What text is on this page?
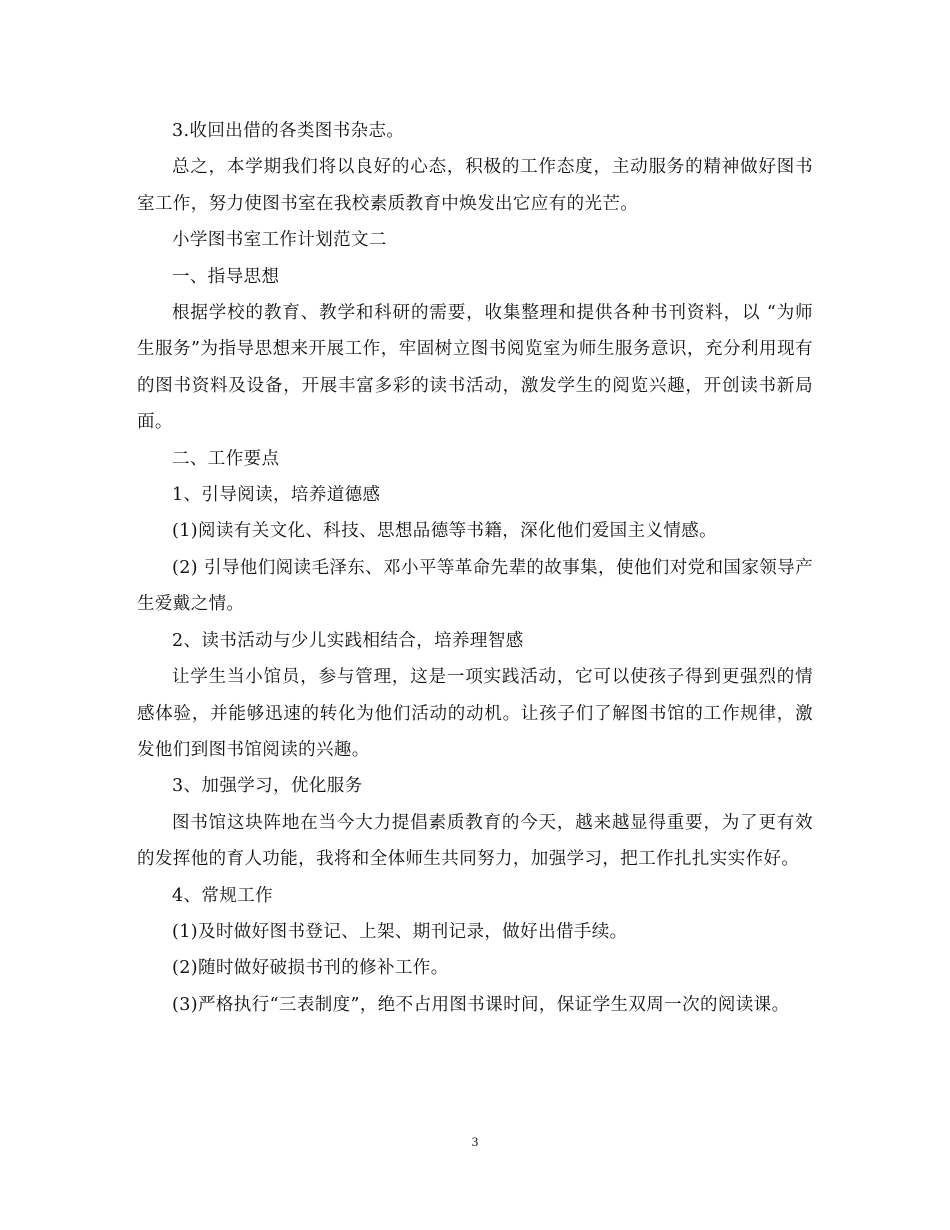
3.收回出借的各类图书杂志。

总之，本学期我们将以良好的心态，积极的工作态度，主动服务的精神做好图书室工作，努力使图书室在我校素质教育中焕发出它应有的光芒。

小学图书室工作计划范文二

一、指导思想

根据学校的教育、教学和科研的需要，收集整理和提供各种书刊资料，以 “为师生服务”为指导思想来开展工作，牢固树立图书阅览室为师生服务意识，充分利用现有的图书资料及设备，开展丰富多彩的读书活动，激发学生的阅览兴趣，开创读书新局面。

二、工作要点

1、引导阅读，培养道德感

(1)阅读有关文化、科技、思想品德等书籍，深化他们爱国主义情感。

(2) 引导他们阅读毛泽东、邓小平等革命先辈的故事集，使他们对党和国家领导产生爱戴之情。

2、读书活动与少儿实践相结合，培养理智感

让学生当小馆员，参与管理，这是一项实践活动，它可以使孩子得到更强烈的情感体验，并能够迅速的转化为他们活动的动机。让孩子们了解图书馆的工作规律，激发他们到图书馆阅读的兴趣。

3、加强学习，优化服务

图书馆这块阵地在当今大力提倡素质教育的今天，越来越显得重要，为了更有效的发挥他的育人功能，我将和全体师生共同努力，加强学习，把工作扎扎实实作好。

4、常规工作

(1)及时做好图书登记、上架、期刊记录，做好出借手续。

(2)随时做好破损书刊的修补工作。

(3)严格执行“三表制度”，绝不占用图书课时间，保证学生双周一次的阅读课。

3
